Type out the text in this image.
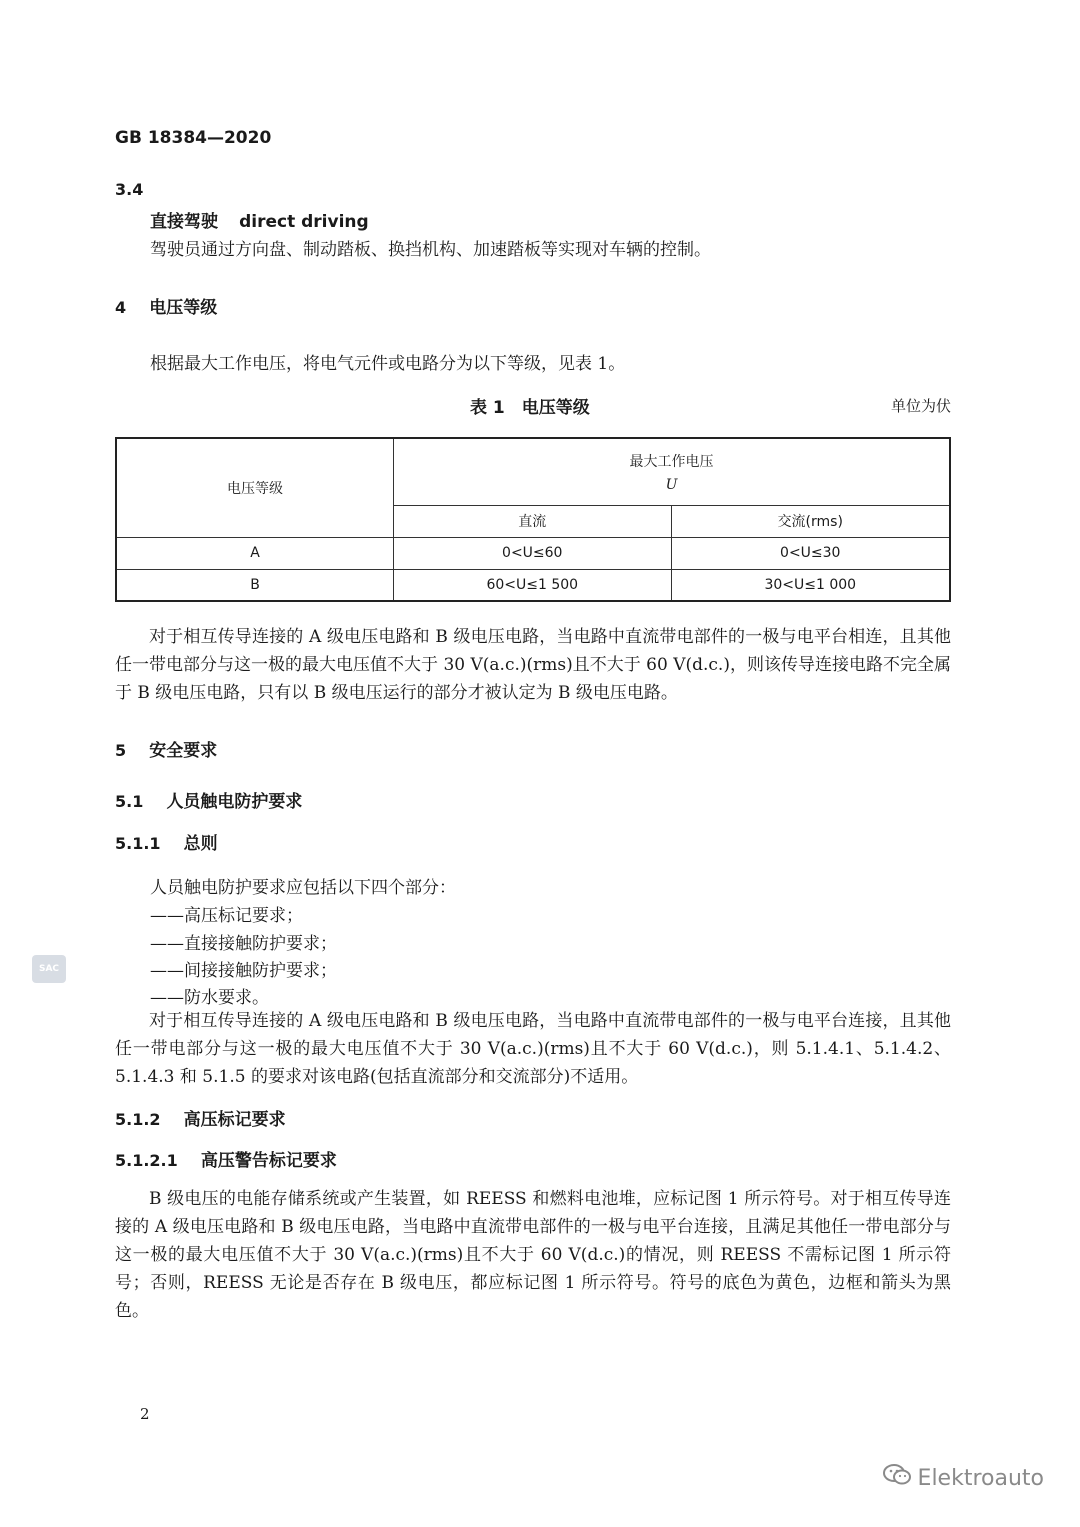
GB 18384—2020
3.4
直接驾驶 direct driving
驾驶员通过方向盘、制动踏板、换挡机构、加速踏板等实现对车辆的控制。
4 电压等级
根据最大工作电压，将电气元件或电路分为以下等级，见表 1。
表 1　电压等级	单位为伏
电压等级	最大工作电压
U	

	直流	交流(rms)
A	0<U≤60	0<U≤30
B	60<U≤1 500	30<U≤1 000
对于相互传导连接的 A 级电压电路和 B 级电压电路，当电路中直流带电部件的一极与电平台相连，且其他任一带电部分与这一极的最大电压值不大于 30 V(a.c.)(rms)且不大于 60 V(d.c.)，则该传导连接电路不完全属于 B 级电压电路，只有以 B 级电压运行的部分才被认定为 B 级电压电路。
5 安全要求
5.1 人员触电防护要求
5.1.1 总则
人员触电防护要求应包括以下四个部分：
——高压标记要求；
——直接接触防护要求；
——间接接触防护要求；
——防水要求。
对于相互传导连接的 A 级电压电路和 B 级电压电路，当电路中直流带电部件的一极与电平台连接，且其他任一带电部分与这一极的最大电压值不大于 30 V(a.c.)(rms)且不大于 60 V(d.c.)，则 5.1.4.1、5.1.4.2、5.1.4.3 和 5.1.5 的要求对该电路(包括直流部分和交流部分)不适用。
5.1.2 高压标记要求
5.1.2.1 高压警告标记要求
B 级电压的电能存储系统或产生装置，如 REESS 和燃料电池堆，应标记图 1 所示符号。对于相互传导连接的 A 级电压电路和 B 级电压电路，当电路中直流带电部件的一极与电平台连接，且满足其他任一带电部分与这一极的最大电压值不大于 30 V(a.c.)(rms)且不大于 60 V(d.c.)的情况，则 REESS 不需标记图 1 所示符号；否则，REESS 无论是否存在 B 级电压，都应标记图 1 所示符号。符号的底色为黄色，边框和箭头为黑色。
2
SAC
Elektroauto
